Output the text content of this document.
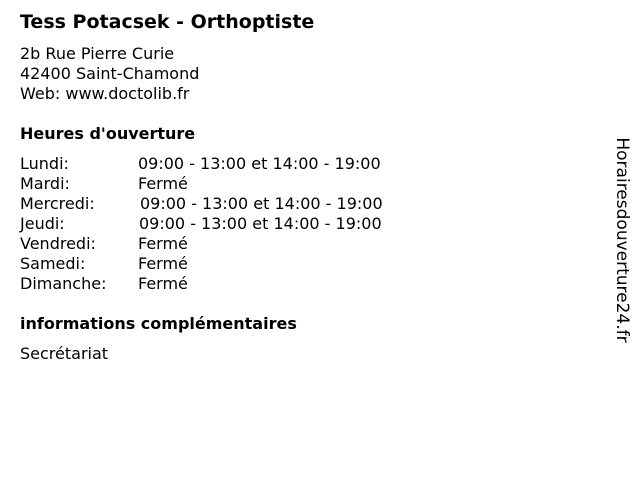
Tess Potacsek - Orthoptiste
2b Rue Pierre Curie
42400 Saint-Chamond
Web: www.doctolib.fr
Heures d'ouverture
Lundi:	09:00 - 13:00 et 14:00 - 19:00
Mardi:	Fermé
Mercredi:	09:00 - 13:00 et 14:00 - 19:00
Jeudi:	09:00 - 13:00 et 14:00 - 19:00
Vendredi:	Fermé
Samedi:	Fermé
Dimanche: Fermé
informations complémentaires
Secrétariat
Horairesdouverture24.fr
